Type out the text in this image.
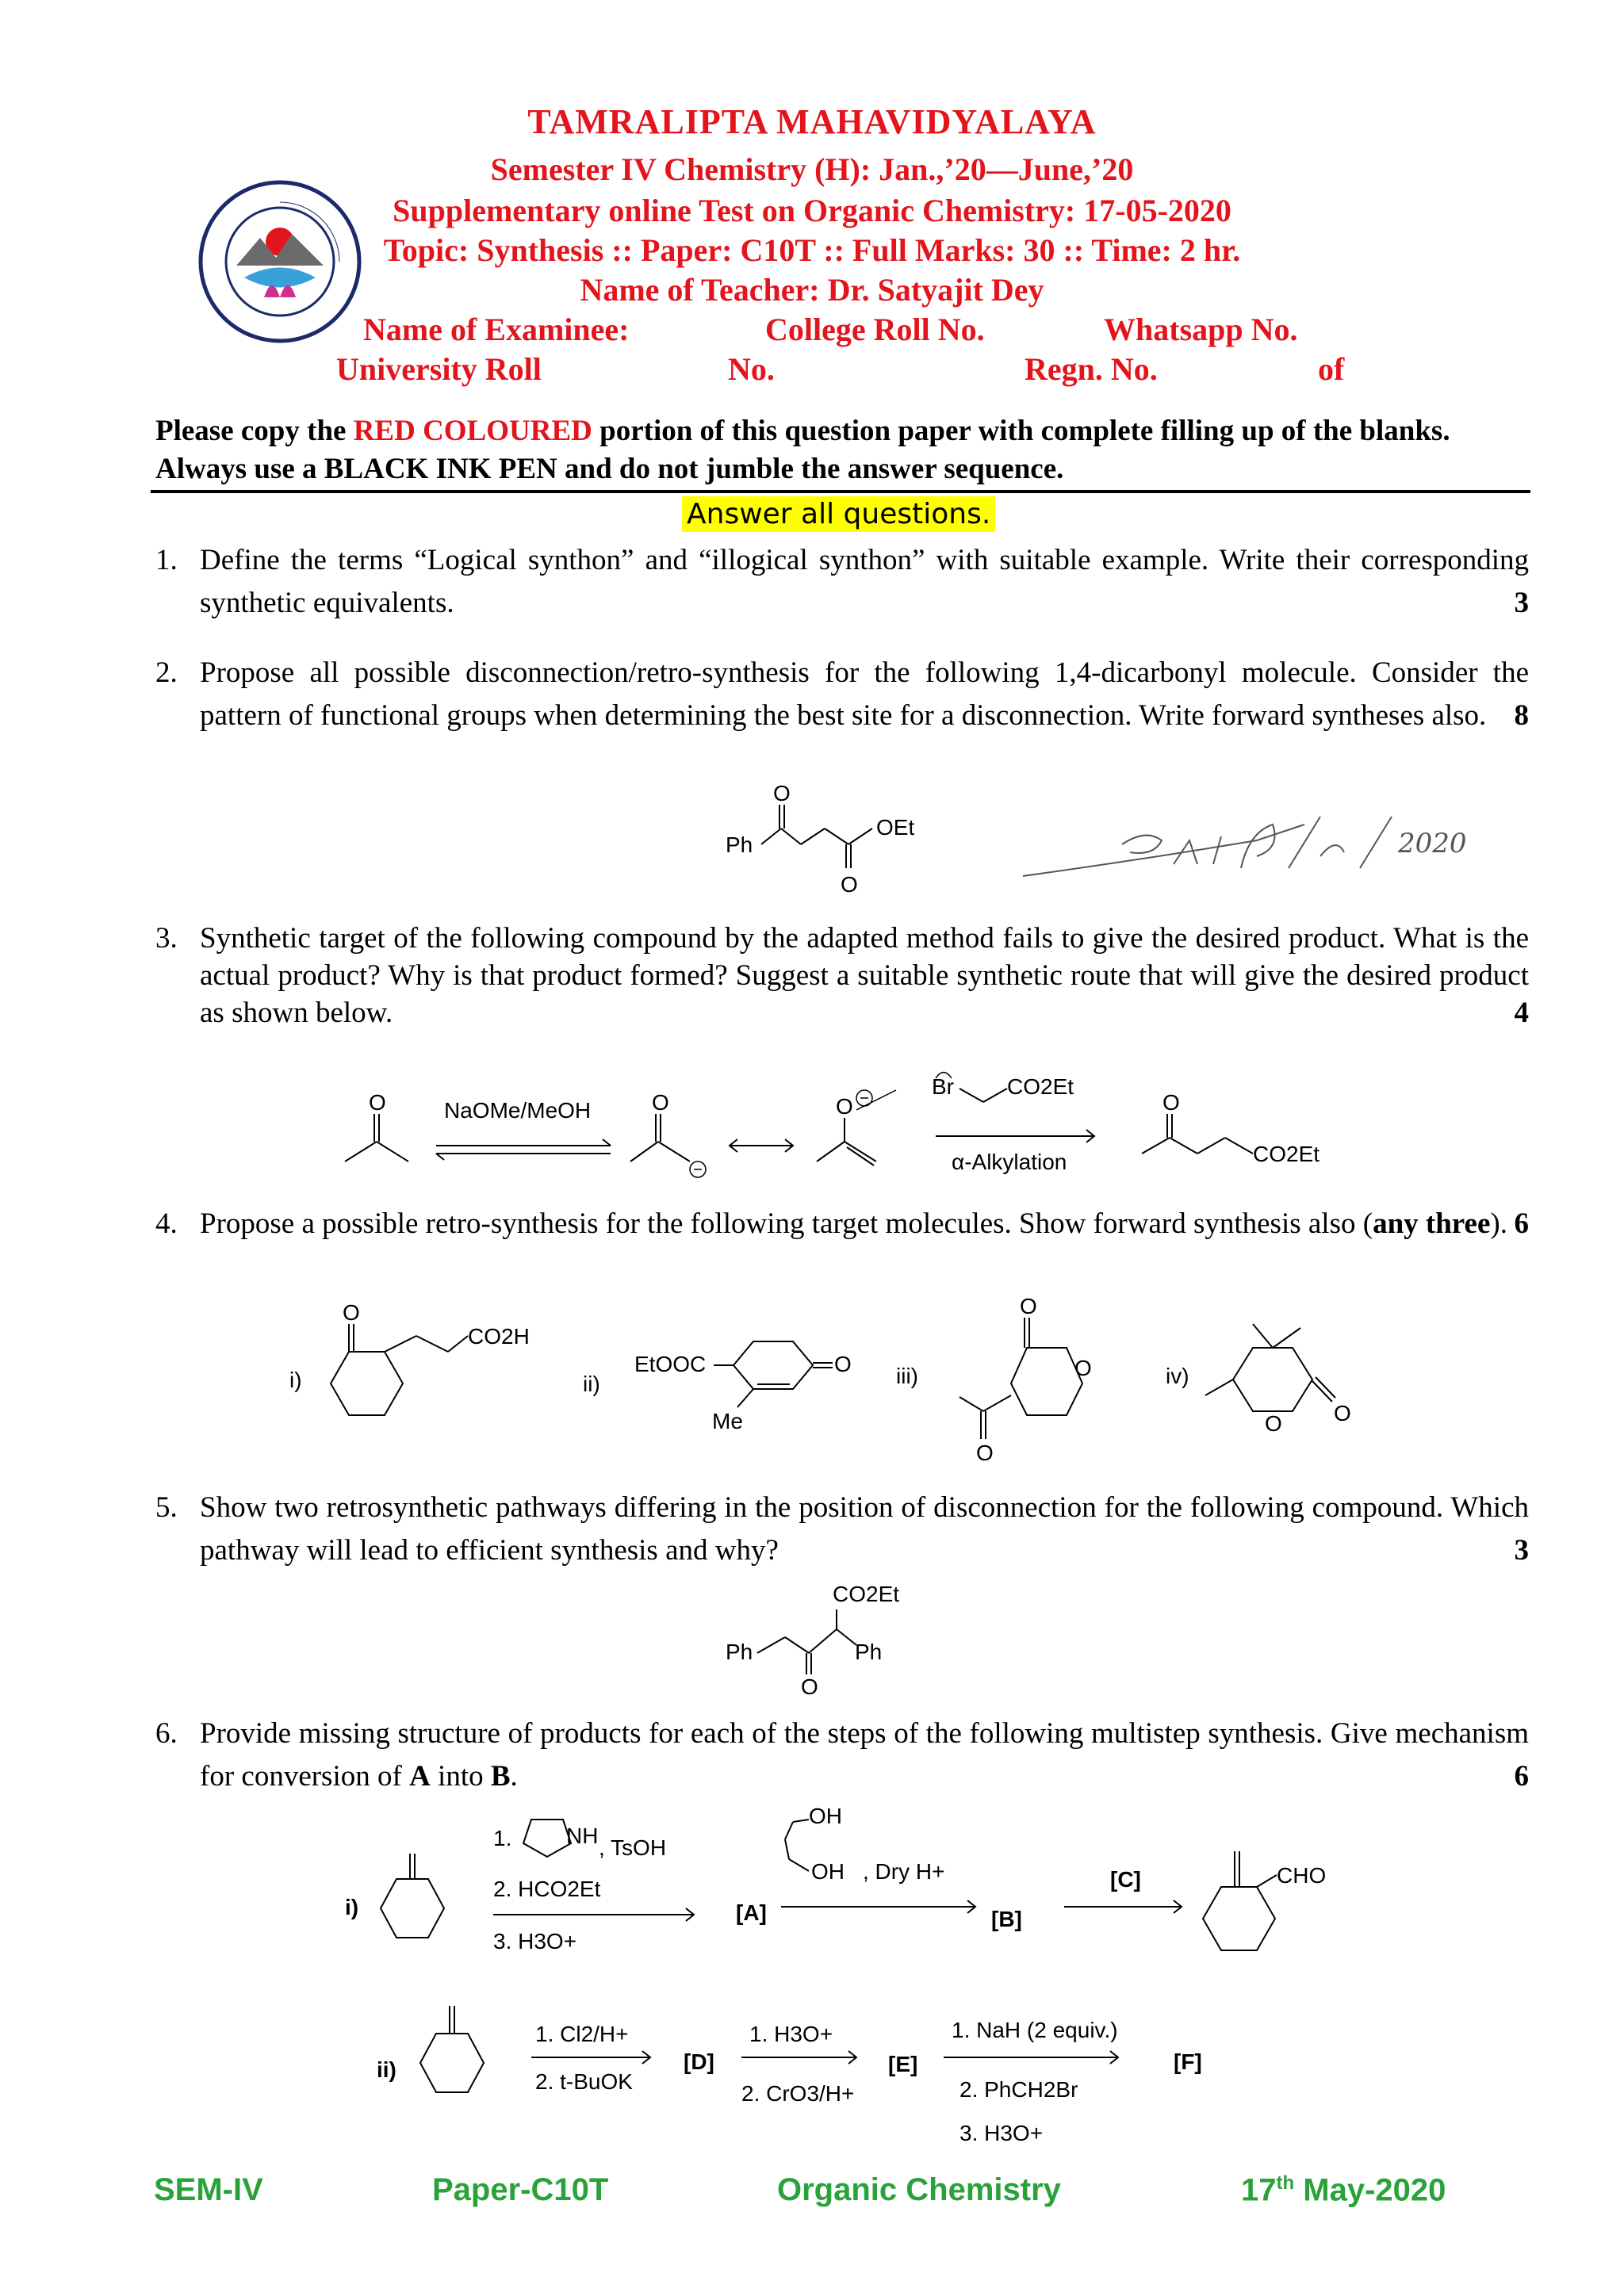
TAMRALIPTA MAHAVIDYALAYA
Semester IV Chemistry (H): Jan.,’20—June,’20
Supplementary online Test on Organic Chemistry: 17-05-2020
Topic: Synthesis :: Paper: C10T :: Full Marks: 30 :: Time: 2 hr.
Name of Teacher: Dr. Satyajit Dey
Name of Examinee:	College Roll No.	Whatsapp No.
University Roll	No.	Regn. No.	of
Please copy the RED COLOURED portion of this question paper with complete filling up of the blanks. Always use a BLACK INK PEN and do not jumble the answer sequence.
Answer all questions.
1. Define the terms “Logical synthon” and “illogical synthon” with suitable example. Write their corresponding synthetic equivalents.	3
2. Propose all possible disconnection/retro-synthesis for the following 1,4-dicarbonyl molecule. Consider the pattern of functional groups when determining the best site for a disconnection. Write forward syntheses also. 8
Ph
O
OEt
O
2020
3. Synthetic target of the following compound by the adapted method fails to give the desired product. What is the actual product? Why is that product formed? Suggest a suitable synthetic route that will give the desired product as shown below.	4
O	NaOMe/MeOH	O	O
Br CO2Et
α-Alkylation
O
CO2Et
4. Propose a possible retro-synthesis for the following target molecules. Show forward synthesis also (any three). 6
i)
O
CO2H
ii)
EtOOC	O
Me
iii)
O
O
O
iv)
O O
5. Show two retrosynthetic pathways differing in the position of disconnection for the following compound. Which pathway will lead to efficient synthesis and why?	3
CO2Et
Ph	Ph
O
6. Provide missing structure of products for each of the steps of the following multistep synthesis. Give mechanism for conversion of A into B.	6
i)
1. NH , TsOH
2. HCO2Et
3. H3O+
[A]
OH
OH , Dry H+
[B]
[C]	CHO
ii)
1. Cl2/H+
2. t-BuOK
[D]
1. H3O+
2. CrO3/H+
[E]
1. NaH (2 equiv.)
2. PhCH2Br
3. H3O+
[F]
SEM-IV	Paper-C10T	Organic Chemistry	17th May-2020
